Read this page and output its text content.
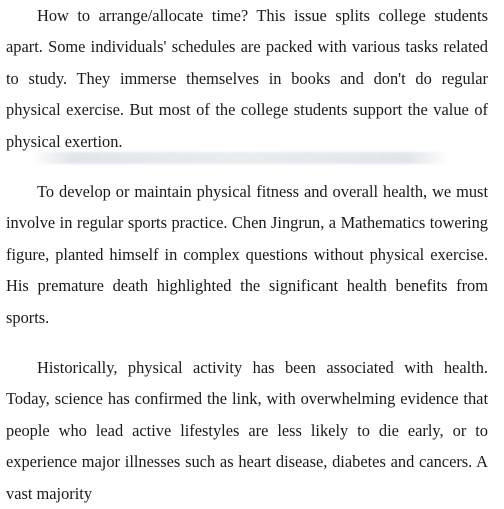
How to arrange/allocate time? This issue splits college students apart. Some individuals' schedules are packed with various tasks related to study. They immerse themselves in books and don't do regular physical exercise. But most of the college students support the value of physical exertion.

To develop or maintain physical fitness and overall health, we must involve in regular sports practice. Chen Jingrun, a Mathematics towering figure, planted himself in complex questions without physical exercise. His premature death highlighted the significant health benefits from sports.

Historically, physical activity has been associated with health. Today, science has confirmed the link, with overwhelming evidence that people who lead active lifestyles are less likely to die early, or to experience major illnesses such as heart disease, diabetes and cancers. A vast majority
